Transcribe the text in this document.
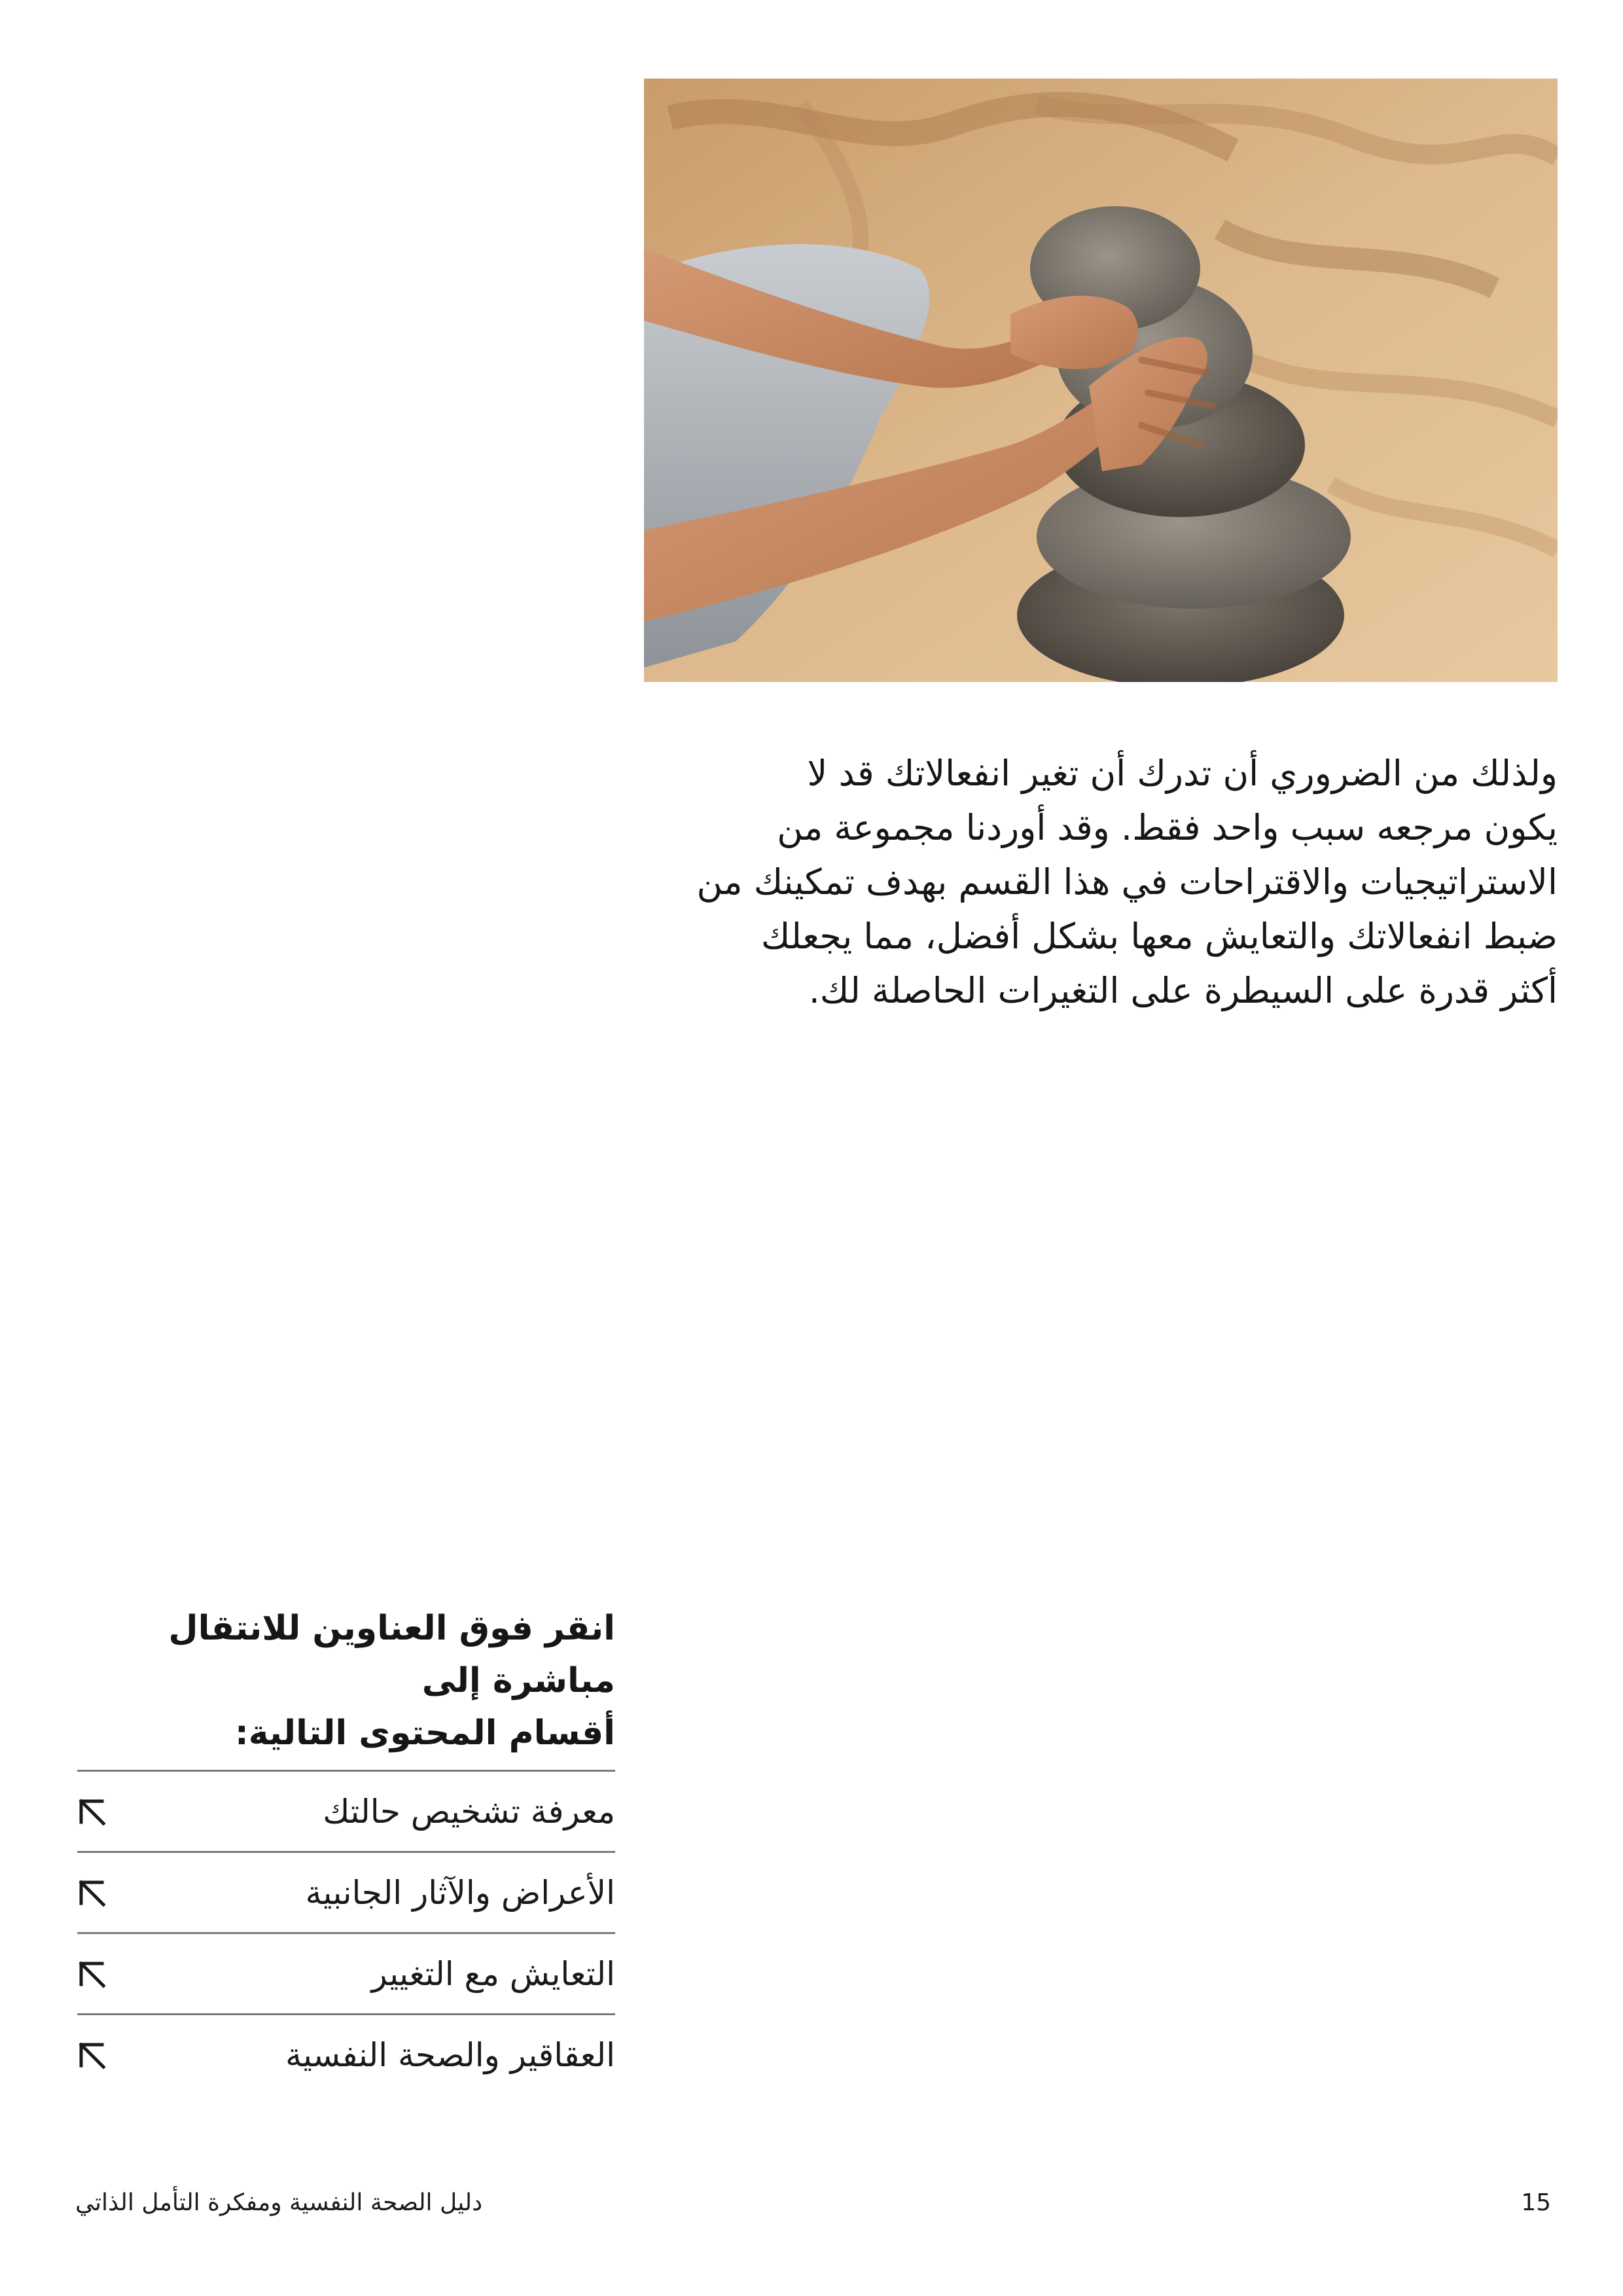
ولذلك من الضروري أن تدرك أن تغير انفعالاتك قد لا
يكون مرجعه سبب واحد فقط. وقد أوردنا مجموعة من
الاستراتيجيات والاقتراحات في هذا القسم بهدف تمكينك من
ضبط انفعالاتك والتعايش معها بشكل أفضل، مما يجعلك
أكثر قدرة على السيطرة على التغيرات الحاصلة لك.
انقر فوق العناوين للانتقال مباشرة إلى
أقسام المحتوى التالية:
معرفة تشخيص حالتك
الأعراض والآثار الجانبية
التعايش مع التغيير
العقاقير والصحة النفسية
دليل الصحة النفسية ومفكرة التأمل الذاتي	15
